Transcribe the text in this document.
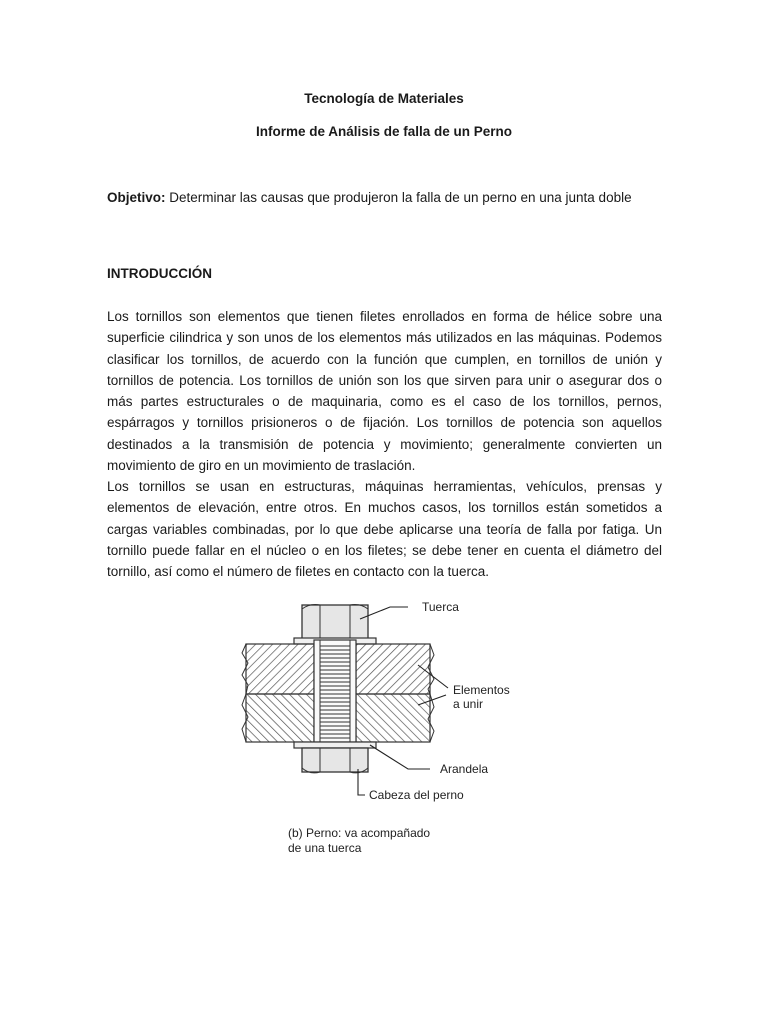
Tecnología de Materiales
Informe de Análisis de falla de un Perno
Objetivo: Determinar las causas que produjeron la falla de un perno en una junta doble
INTRODUCCIÓN

Los tornillos son elementos que tienen filetes enrollados en forma de hélice sobre una superficie cilindrica y son unos de los elementos más utilizados en las máquinas. Podemos clasificar los tornillos, de acuerdo con la función que cumplen, en tornillos de unión y tornillos de potencia. Los tornillos de unión son los que sirven para unir o asegurar dos o más partes estructurales o de maquinaria, como es el caso de los tornillos, pernos, espárragos y tornillos prisioneros o de fijación. Los tornillos de potencia son aquellos destinados a la transmisión de potencia y movimiento; generalmente convierten un movimiento de giro en un movimiento de traslación.

Los tornillos se usan en estructuras, máquinas herramientas, vehículos, prensas y elementos de elevación, entre otros. En muchos casos, los tornillos están sometidos a cargas variables combinadas, por lo que debe aplicarse una teoría de falla por fatiga. Un tornillo puede fallar en el núcleo o en los filetes; se debe tener en cuenta el diámetro del tornillo, así como el número de filetes en contacto con la tuerca.

Tuerca
Elementos
a unir
Arandela
Cabeza del perno
(b) Perno: va acompañado
de una tuerca
